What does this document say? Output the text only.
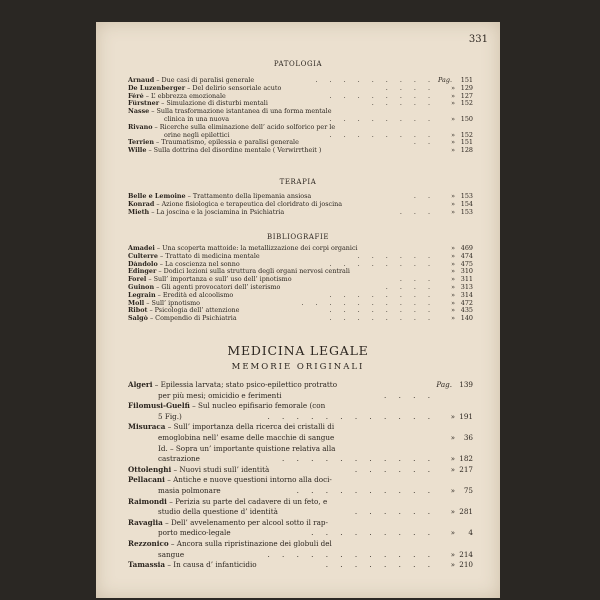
331
PATOLOGIA
Arnaud – Due casi di paralisi generale	. . . . . . . . . Pag. 151
De Luzenberger – Del delirio sensoriale acuto	. . . .	» 129
Féré – L’ ebbrezza emozionale	. . . . . . . .	» 127
Fürstner – Simulazione di disturbi mentali	. . . . .	» 152
Nasse – Sulla trasformazione istantanea di una forma mentale
clinica in una nuova	. . . . . . . .	» 150
Rivano – Ricerche sulla eliminazione dell’ acido solforico per le
orine negli epilettici	. . . . . . . .	» 152
Terrien – Traumatismo, epilessia e paralisi generale	. .	» 151
Wille – Sulla dottrina del disordine mentale ( Verwirrtheit )	» 128
TERAPIA
Belle e Lemoine – Trattamento della lipemania ansiosa	. .	» 153
Konrad – Azione fisiologica e terapeutica del cloridrato di joscina	» 154
Mieth – La joscina e la josciamina in Psichiatria	. . .	» 153
BIBLIOGRAFIE
Amadei – Una scoperta mattoide: la metallizzazione dei corpi organici	» 469
Culterre – Trattato di medicina mentale	. . . . . .	» 474
Dàndolo – La coscienza nel sonno	. . . . . . . .	» 475
Edinger – Dodici lezioni sulla struttura degli organi nervosi centrali	» 310
Forel – Sull’ importanza e sull’ uso dell’ ipnotismo	. . .	» 311
Guinon – Gli agenti provocatori dell’ isterismo	. . . .	» 313
Legrain – Eredità ed alcoolismo	. . . . . . . .	» 314
Moll – Sull’ ipnotismo	. . . . . . . . . .	» 472
Ribot – Psicologia dell’ attenzione	. . . . . . . .	» 435
Salgò – Compendio di Psichiatria	. . . . . . . .	» 140
MEDICINA LEGALE
MEMORIE ORIGINALI
Algeri – Epilessia larvata; stato psico-epilettico protratto	Pag. 139
per più mesi; omicidio e ferimenti	. . . .
Filomusi-Guelfi – Sul nucleo epifisario femorale (con
5 Fig.)	. . . . . . . . . . . . » 191
Misuraca – Sull’ importanza della ricerca dei cristalli di
emoglobina nell’ esame delle macchie di sangue	» 36
Id. – Sopra un’ importante quistione relativa alla
castrazione	. . . . . . . . . . . » 182
Ottolenghi – Nuovi studi sull’ identità	. . . . . . » 217
Pellacani – Antiche e nuove questioni intorno alla doci-
masia polmonare	. . . . . . . . . . » 75
Raimondi – Perizia su parte del cadavere di un feto, e
studio della questione d’ identità	. . . . . . » 281
Ravaglia – Dell’ avvelenamento per alcool sotto il rap-
porto medico-legale	. . . . . . . . . » 4
Rezzonico – Ancora sulla ripristinazione dei globuli del
sangue	. . . . . . . . . . . . » 214
Tamassia – In causa d’ infanticidio	. . . . . . . . » 210
